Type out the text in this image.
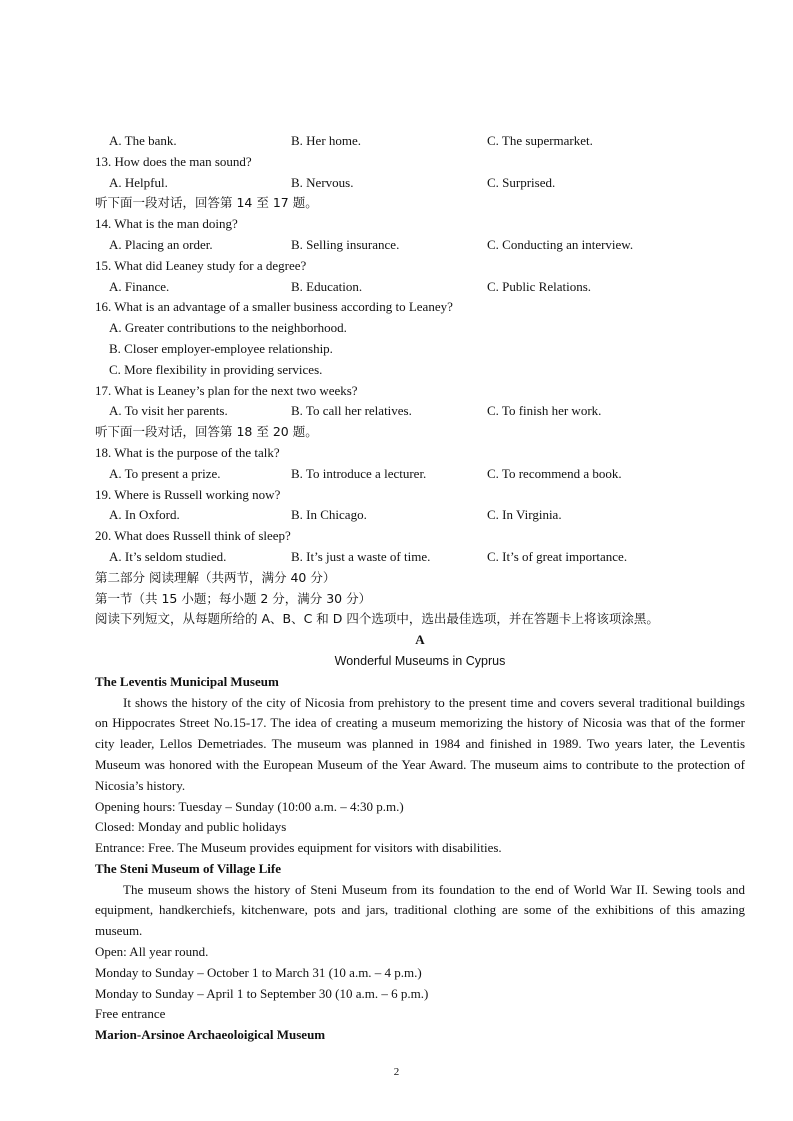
A. The bank.	B. Her home.	C. The supermarket.
13. How does the man sound?
A. Helpful.	B. Nervous.	C. Surprised.
听下面一段对话，回答第 14 至 17 题。
14. What is the man doing?
A. Placing an order.	B. Selling insurance.	C. Conducting an interview.
15. What did Leaney study for a degree?
A. Finance.	B. Education.	C. Public Relations.
16. What is an advantage of a smaller business according to Leaney?
A. Greater contributions to the neighborhood.
B. Closer employer-employee relationship.
C. More flexibility in providing services.
17. What is Leaney’s plan for the next two weeks?
A. To visit her parents.	B. To call her relatives.	C. To finish her work.
听下面一段对话，回答第 18 至 20 题。
18. What is the purpose of the talk?
A. To present a prize.	B. To introduce a lecturer.	C. To recommend a book.
19. Where is Russell working now?
A. In Oxford.	B. In Chicago.	C. In Virginia.
20. What does Russell think of sleep?
A. It’s seldom studied.	B. It’s just a waste of time.	C. It’s of great importance.
第二部分 阅读理解（共两节，满分 40 分）
第一节（共 15 小题；每小题 2 分，满分 30 分）
阅读下列短文，从每题所给的 A、B、C 和 D 四个选项中，选出最佳选项，并在答题卡上将该项涂黑。
A
Wonderful Museums in Cyprus
The Leventis Municipal Museum
It shows the history of the city of Nicosia from prehistory to the present time and covers several traditional buildings on Hippocrates Street No.15-17. The idea of creating a museum memorizing the history of Nicosia was that of the former city leader, Lellos Demetriades. The museum was planned in 1984 and finished in 1989. Two years later, the Leventis Museum was honored with the European Museum of the Year Award. The museum aims to contribute to the protection of Nicosia’s history.
Opening hours: Tuesday – Sunday (10:00 a.m. – 4:30 p.m.)
Closed: Monday and public holidays
Entrance: Free. The Museum provides equipment for visitors with disabilities.
The Steni Museum of Village Life
The museum shows the history of Steni Museum from its foundation to the end of World War II. Sewing tools and equipment, handkerchiefs, kitchenware, pots and jars, traditional clothing are some of the exhibitions of this amazing museum.
Open: All year round.
Monday to Sunday – October 1 to March 31 (10 a.m. – 4 p.m.)
Monday to Sunday – April 1 to September 30 (10 a.m. – 6 p.m.)
Free entrance
Marion-Arsinoe Archaeoloigical Museum
2
